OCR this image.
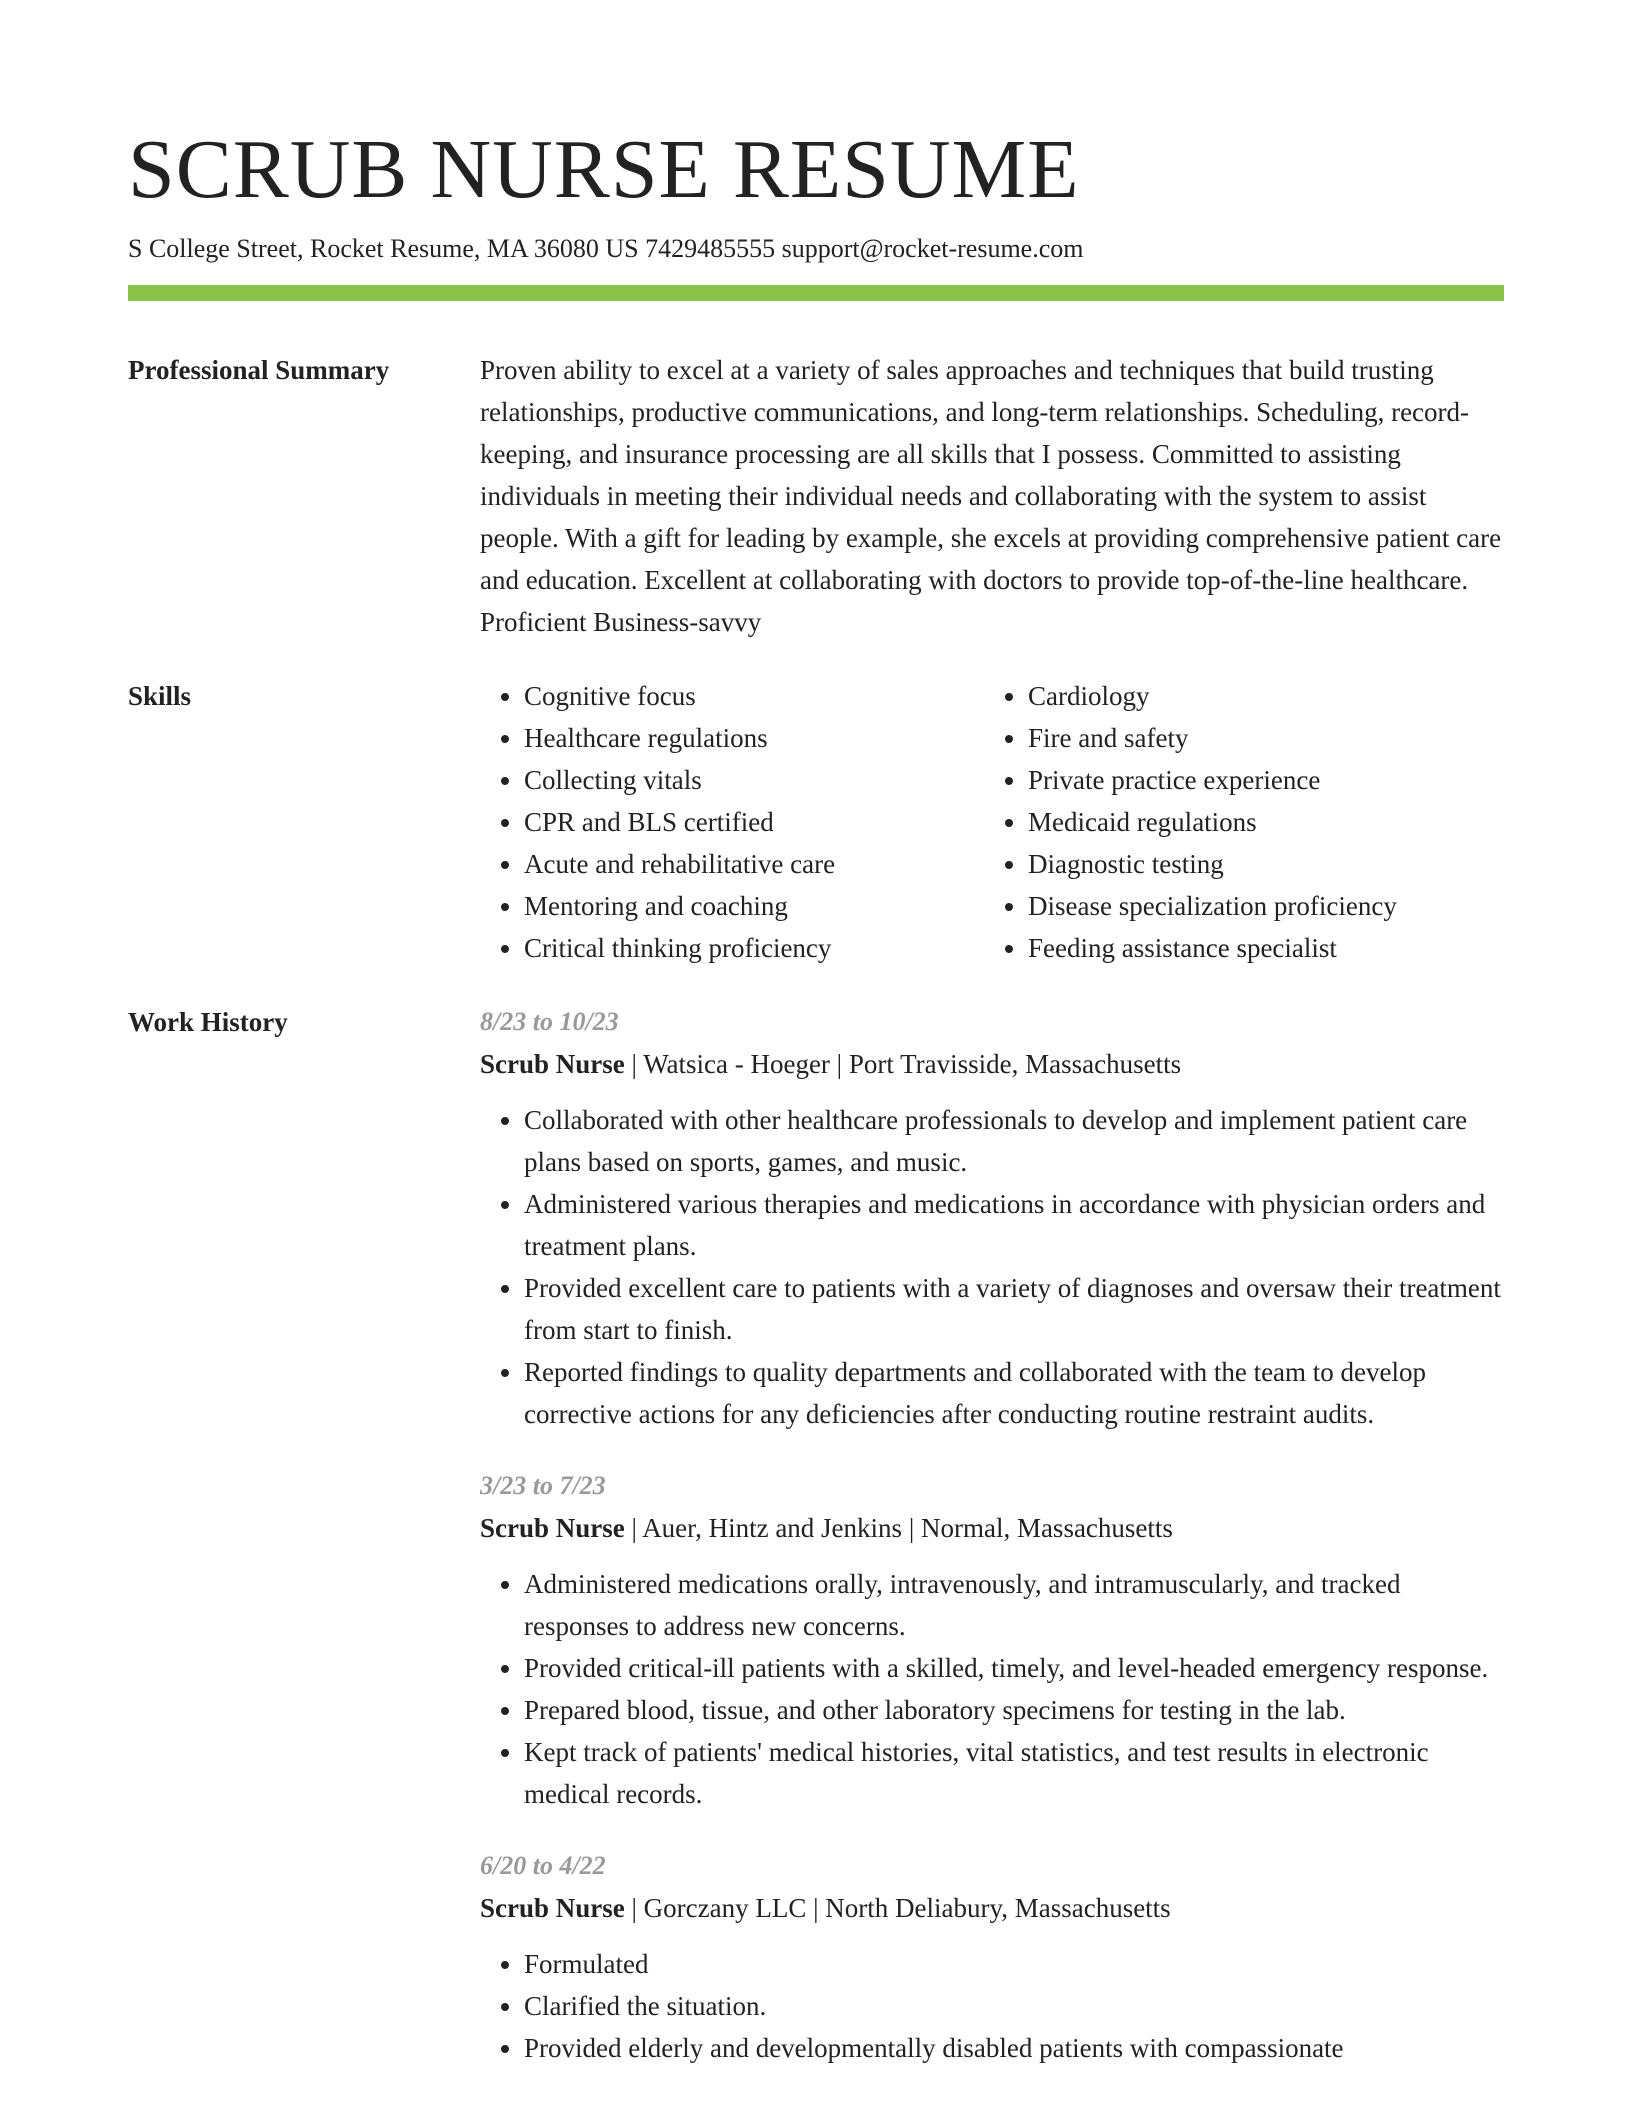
SCRUB NURSE RESUME
S College Street, Rocket Resume, MA 36080 US 7429485555 support@rocket-resume.com
Professional Summary	Proven ability to excel at a variety of sales approaches and techniques that build trusting relationships, productive communications, and long-term relationships. Scheduling, record-keeping, and insurance processing are all skills that I possess. Committed to assisting individuals in meeting their individual needs and collaborating with the system to assist people. With a gift for leading by example, she excels at providing comprehensive patient care and education. Excellent at collaborating with doctors to provide top-of-the-line healthcare. Proficient Business-savvy

Skills
•	Cognitive focus
• Healthcare regulations
• Collecting vitals
• CPR and BLS certified
• Acute and rehabilitative care
• Mentoring and coaching
• Critical thinking proficiency
• Cardiology
• Fire and safety
• Private practice experience
• Medicaid regulations
• Diagnostic testing
• Disease specialization proficiency
• Feeding assistance specialist
Work History	8/23 to 10/23
Scrub Nurse | Watsica - Hoeger | Port Travisside, Massachusetts
• Collaborated with other healthcare professionals to develop and implement patient care plans based on sports, games, and music.
• Administered various therapies and medications in accordance with physician orders and treatment plans.
• Provided excellent care to patients with a variety of diagnoses and oversaw their treatment from start to finish.
• Reported findings to quality departments and collaborated with the team to develop corrective actions for any deficiencies after conducting routine restraint audits.
3/23 to 7/23
Scrub Nurse | Auer, Hintz and Jenkins | Normal, Massachusetts
• Administered medications orally, intravenously, and intramuscularly, and tracked responses to address new concerns.
• Provided critical-ill patients with a skilled, timely, and level-headed emergency response.
• Prepared blood, tissue, and other laboratory specimens for testing in the lab.
• Kept track of patients' medical histories, vital statistics, and test results in electronic medical records.
6/20 to 4/22
Scrub Nurse | Gorczany LLC | North Deliabury, Massachusetts
• Formulated
• Clarified the situation.
• Provided elderly and developmentally disabled patients with compassionate
